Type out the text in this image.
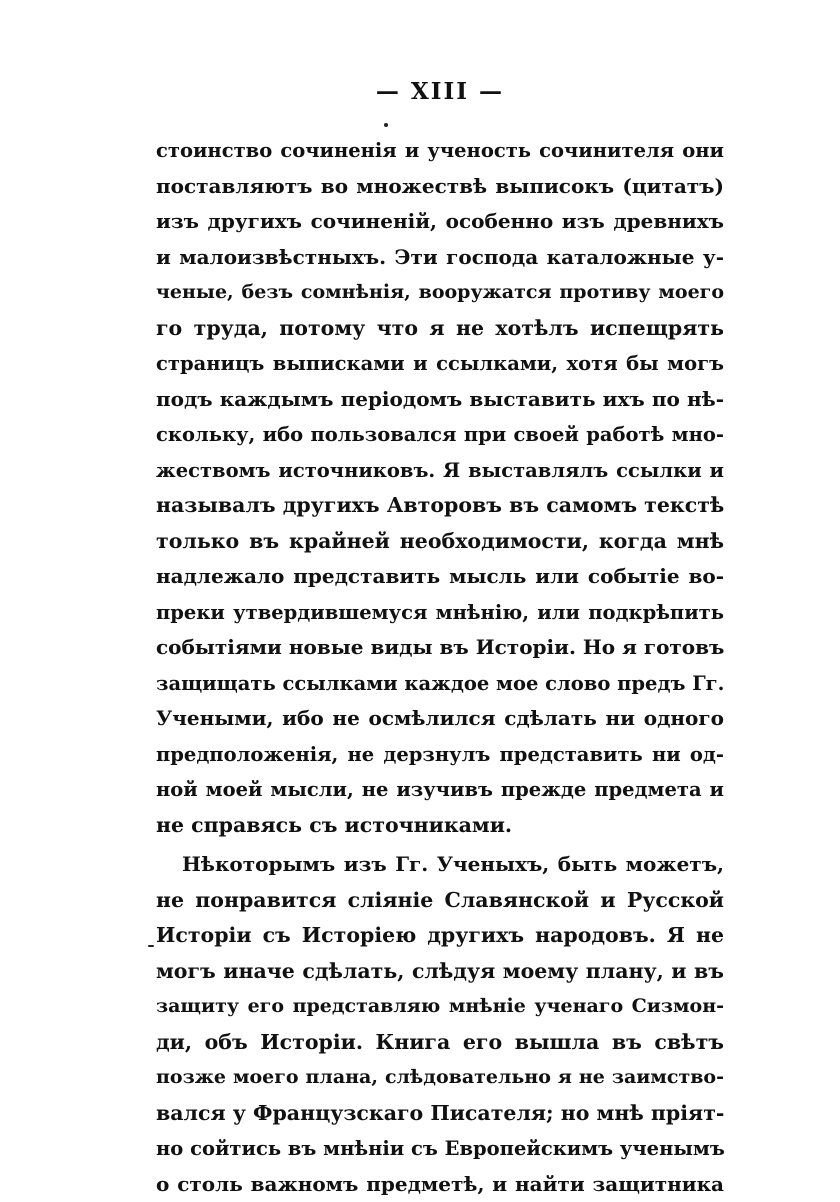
— XIII —
стоинство сочиненія и ученость сочинителя они
поставляютъ во множествѣ выписокъ (цитатъ)
изъ другихъ сочиненій, особенно изъ древнихъ
и малоизвѣстныхъ. Эти господа каталожные у-
ченые, безъ сомнѣнія, вооружатся противу моего
го труда, потому что я не хотѣлъ испещрять
страницъ выписками и ссылками, хотя бы могъ
подъ каждымъ періодомъ выставить ихъ по нѣ-
скольку, ибо пользовался при своей работѣ мно-
жествомъ источниковъ. Я выставлялъ ссылки и
называлъ другихъ Авторовъ въ самомъ текстѣ
только въ крайней необходимости, когда мнѣ
надлежало представить мысль или событіе во-
преки утвердившемуся мнѣнію, или подкрѣпить
событіями новые виды въ Исторіи. Но я готовъ
защищать ссылками каждое мое слово предъ Гг.
Учеными, ибо не осмѣлился сдѣлать ни одного
предположенія, не дерзнулъ представить ни од-
ной моей мысли, не изучивъ прежде предмета и
не справясь съ источниками.
Нѣкоторымъ изъ Гг. Ученыхъ, быть можетъ,
не понравится сліяніе Славянской и Русской
Исторіи съ Исторіею другихъ народовъ. Я не
могъ иначе сдѣлать, слѣдуя моему плану, и въ
защиту его представляю мнѣніе ученаго Сизмон-
ди, объ Исторіи. Книга его вышла въ свѣтъ
позже моего плана, слѣдовательно я не заимство-
вался у Французскаго Писателя; но мнѣ пріят-
но сойтись въ мнѣніи съ Европейскимъ ученымъ
о столь важномъ предметѣ, и найти защитника
